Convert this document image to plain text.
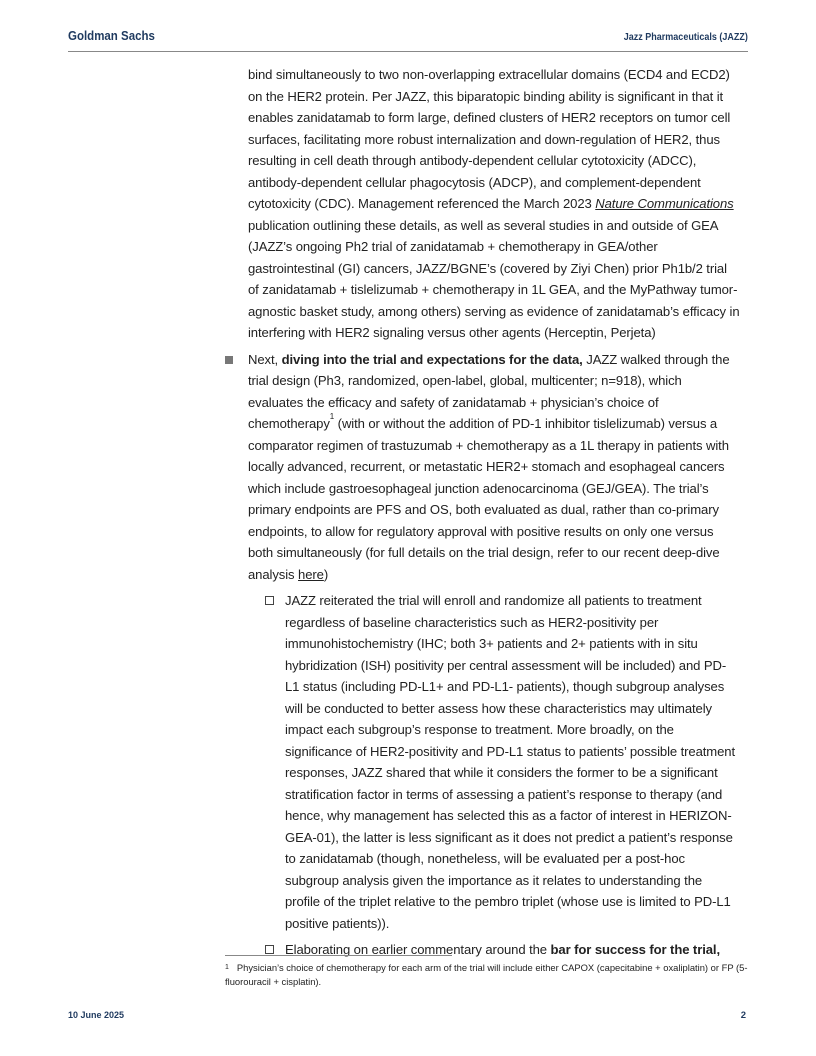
Goldman Sachs	Jazz Pharmaceuticals (JAZZ)

bind simultaneously to two non-overlapping extracellular domains (ECD4 and ECD2) on the HER2 protein. Per JAZZ, this biparatopic binding ability is significant in that it enables zanidatamab to form large, defined clusters of HER2 receptors on tumor cell surfaces, facilitating more robust internalization and down-regulation of HER2, thus resulting in cell death through antibody-dependent cellular cytotoxicity (ADCC), antibody-dependent cellular phagocytosis (ADCP), and complement-dependent cytotoxicity (CDC). Management referenced the March 2023 Nature Communications publication outlining these details, as well as several studies in and outside of GEA (JAZZ’s ongoing Ph2 trial of zanidatamab + chemotherapy in GEA/other gastrointestinal (GI) cancers, JAZZ/BGNE’s (covered by Ziyi Chen) prior Ph1b/2 trial of zanidatamab + tislelizumab + chemotherapy in 1L GEA, and the MyPathway tumor-agnostic basket study, among others) serving as evidence of zanidatamab’s efficacy in interfering with HER2 signaling versus other agents (Herceptin, Perjeta)

Next, diving into the trial and expectations for the data, JAZZ walked through the trial design (Ph3, randomized, open-label, global, multicenter; n=918), which evaluates the efficacy and safety of zanidatamab + physician’s choice of chemotherapy$^1$ (with or without the addition of PD-1 inhibitor tislelizumab) versus a comparator regimen of trastuzumab + chemotherapy as a 1L therapy in patients with locally advanced, recurrent, or metastatic HER2+ stomach and esophageal cancers which include gastroesophageal junction adenocarcinoma (GEJ/GEA). The trial’s primary endpoints are PFS and OS, both evaluated as dual, rather than co-primary endpoints, to allow for regulatory approval with positive results on only one versus both simultaneously (for full details on the trial design, refer to our recent deep-dive analysis here)

JAZZ reiterated the trial will enroll and randomize all patients to treatment regardless of baseline characteristics such as HER2-positivity per immunohistochemistry (IHC; both 3+ patients and 2+ patients with in situ hybridization (ISH) positivity per central assessment will be included) and PD-L1 status (including PD-L1+ and PD-L1- patients), though subgroup analyses will be conducted to better assess how these characteristics may ultimately impact each subgroup’s response to treatment. More broadly, on the significance of HER2-positivity and PD-L1 status to patients’ possible treatment responses, JAZZ shared that while it considers the former to be a significant stratification factor in terms of assessing a patient’s response to therapy (and hence, why management has selected this as a factor of interest in HERIZON-GEA-01), the latter is less significant as it does not predict a patient’s response to zanidatamab (though, nonetheless, will be evaluated per a post-hoc subgroup analysis given the importance as it relates to understanding the profile of the triplet relative to the pembro triplet (whose use is limited to PD-L1 positive patients)).

Elaborating on earlier commentary around the bar for success for the trial,

$^1$ Physician’s choice of chemotherapy for each arm of the trial will include either CAPOX (capecitabine + oxaliplatin) or FP (5-fluorouracil + cisplatin).
10 June 2025	2
